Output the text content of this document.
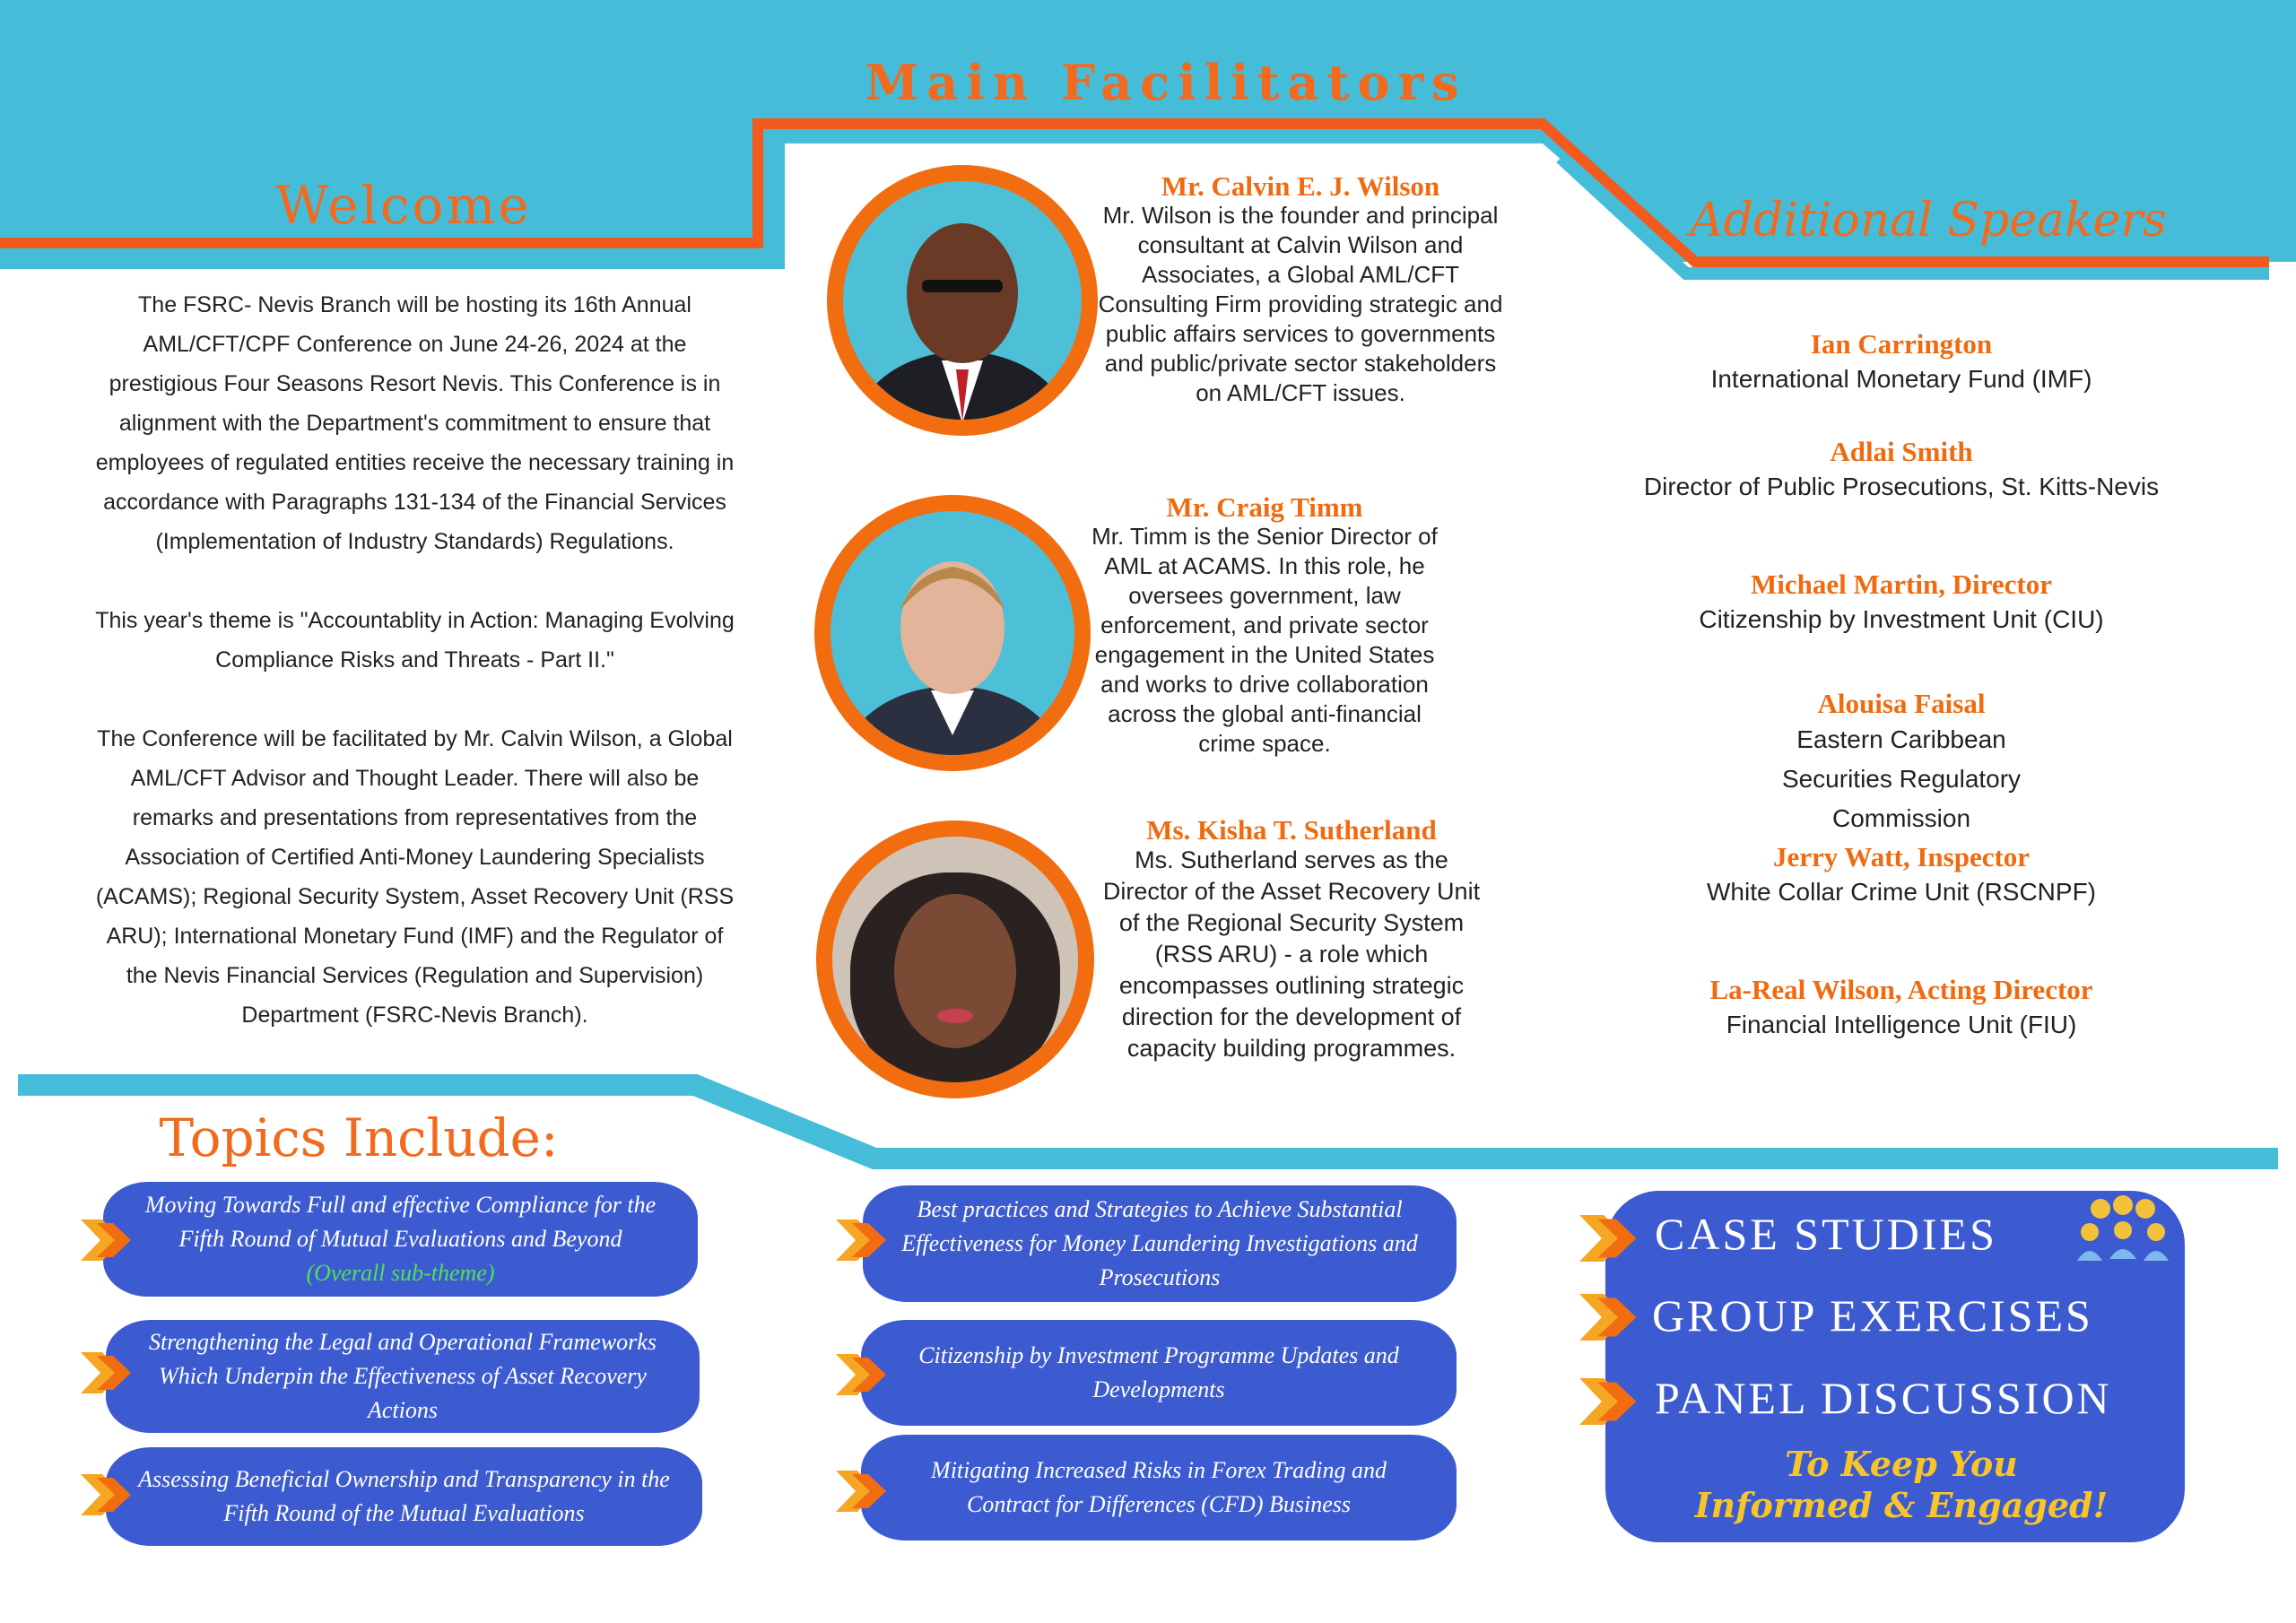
Main Facilitators
Welcome	Additional Speakers
Topics Include:
The FSRC- Nevis Branch will be hosting its 16th Annual AML/CFT/CPF Conference on June 24-26, 2024 at the prestigious Four Seasons Resort Nevis. This Conference is in alignment with the Department's commitment to ensure that employees of regulated entities receive the necessary training in accordance with Paragraphs 131-134 of the Financial Services (Implementation of Industry Standards) Regulations.
This year's theme is "Accountablity in Action: Managing Evolving Compliance Risks and Threats - Part II."
The Conference will be facilitated by Mr. Calvin Wilson, a Global AML/CFT Advisor and Thought Leader. There will also be remarks and presentations from representatives from the Association of Certified Anti-Money Laundering Specialists (ACAMS); Regional Security System, Asset Recovery Unit (RSS ARU); International Monetary Fund (IMF) and the Regulator of the Nevis Financial Services (Regulation and Supervision) Department (FSRC-Nevis Branch).
Mr. Calvin E. J. Wilson
Mr. Wilson is the founder and principal consultant at Calvin Wilson and Associates, a Global AML/CFT Consulting Firm providing strategic and public affairs services to governments and public/private sector stakeholders on AML/CFT issues.
Mr. Craig Timm
Mr. Timm is the Senior Director of AML at ACAMS. In this role, he oversees government, law enforcement, and private sector engagement in the United States and works to drive collaboration across the global anti-financial crime space.
Ms. Kisha T. Sutherland
Ms. Sutherland serves as the Director of the Asset Recovery Unit of the Regional Security System (RSS ARU) - a role which encompasses outlining strategic direction for the development of capacity building programmes.
Ian Carrington
International Monetary Fund (IMF)
Adlai Smith
Director of Public Prosecutions, St. Kitts-Nevis
Michael Martin, Director
Citizenship by Investment Unit (CIU)
Alouisa Faisal
Eastern Caribbean Securities Regulatory Commission
Jerry Watt, Inspector
White Collar Crime Unit (RSCNPF)
La-Real Wilson, Acting Director
Financial Intelligence Unit (FIU)
Moving Towards Full and effective Compliance for the Fifth Round of Mutual Evaluations and Beyond
(Overall sub-theme)
Strengthening the Legal and Operational Frameworks Which Underpin the Effectiveness of Asset Recovery Actions
Assessing Beneficial Ownership and Transparency in the Fifth Round of the Mutual Evaluations
Best practices and Strategies to Achieve Substantial Effectiveness for Money Laundering Investigations and Prosecutions
Citizenship by Investment Programme Updates and Developments
Mitigating Increased Risks in Forex Trading and Contract for Differences (CFD) Business
CASE STUDIES
GROUP EXERCISES
PANEL DISCUSSION
To Keep You
Informed & Engaged!
